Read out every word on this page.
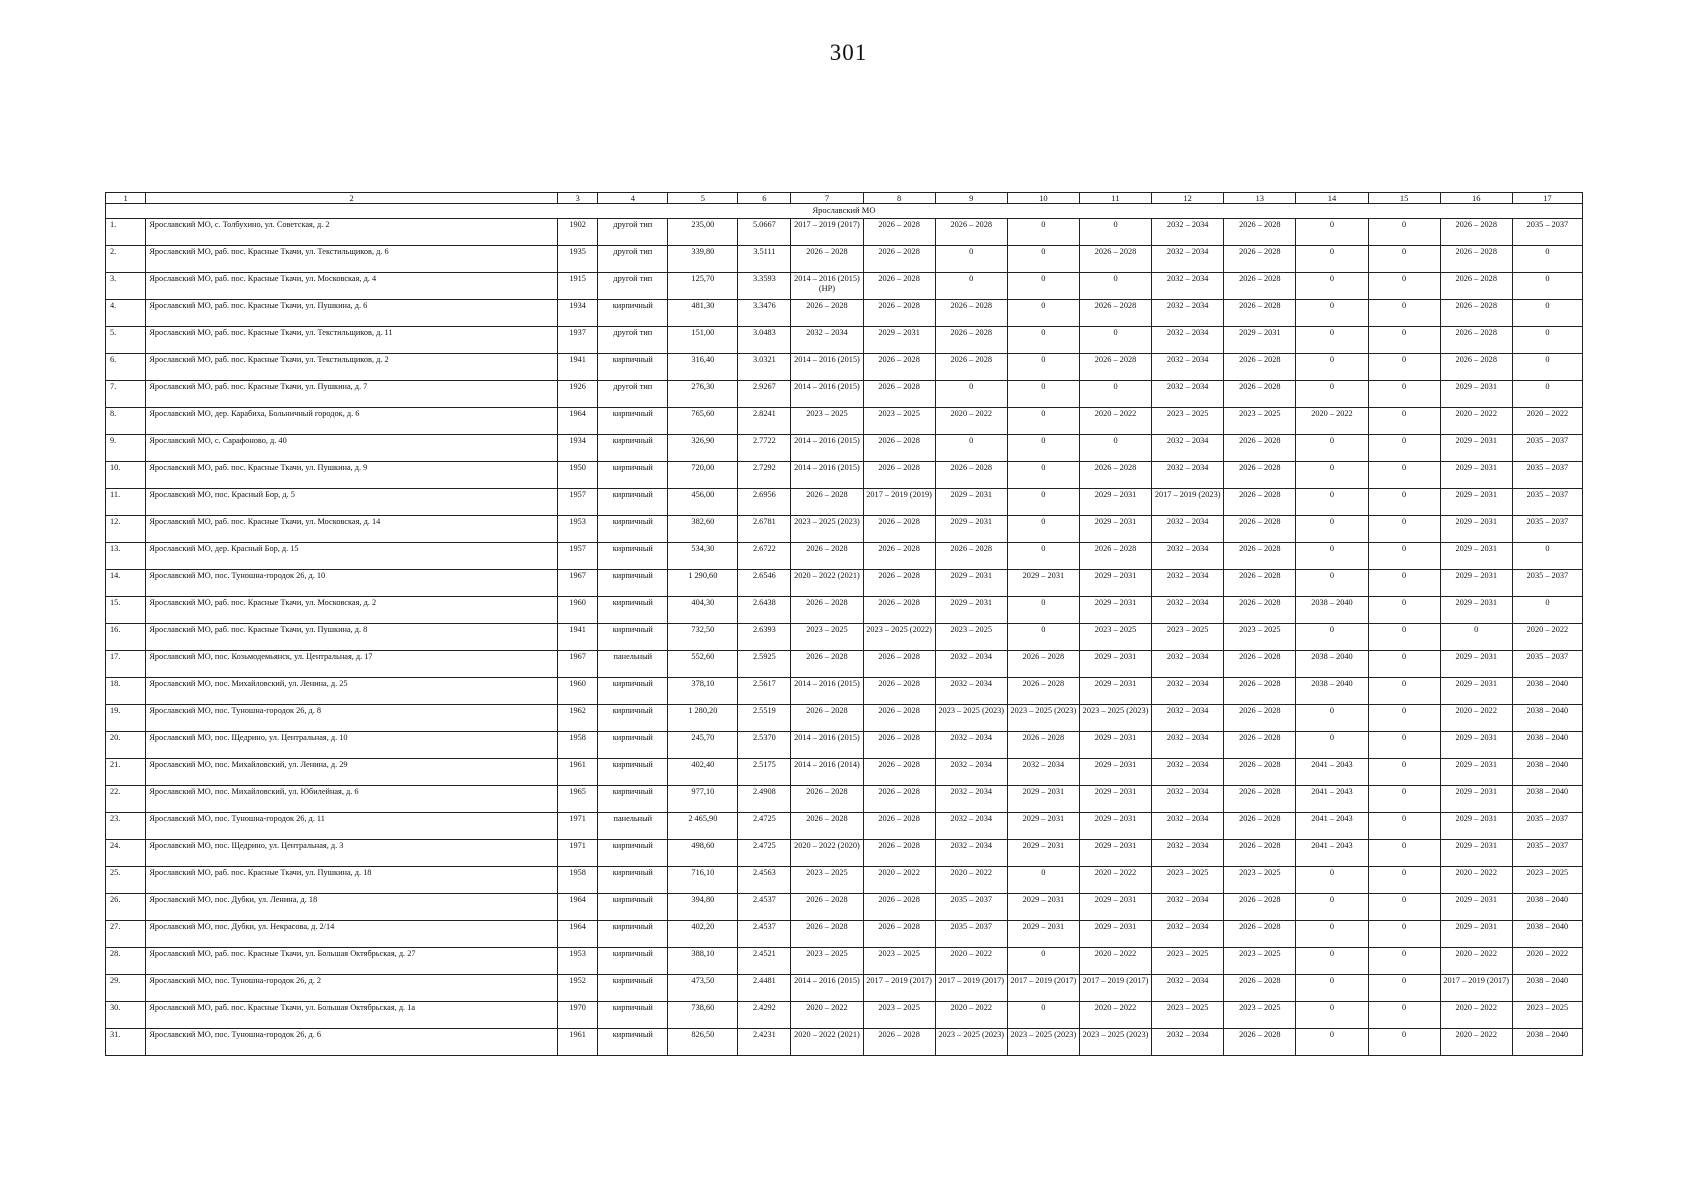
301
1	2	3	4	5	6	7	8	9	10	11	12	13	14	15	16	17
Ярославский МО																
1.	Ярославский МО, с. Толбухино, ул. Советская, д. 2	1902	другой тип	235,00	5.0667	2017 – 2019 (2017)	2026 – 2028	2026 – 2028	0	0	2032 – 2034	2026 – 2028	0	0	2026 – 2028	2035 – 2037
2.	Ярославский МО, раб. пос. Красные Ткачи, ул. Текстильщиков, д. 6	1935	другой тип	339,80	3.5111	2026 – 2028	2026 – 2028	0	0	2026 – 2028	2032 – 2034	2026 – 2028	0	0	2026 – 2028	0
3.	Ярославский МО, раб. пос. Красные Ткачи, ул. Московская, д. 4	1915	другой тип	125,70	3.3593	2014 – 2016 (2015) (НР)	2026 – 2028	0	0	0	2032 – 2034	2026 – 2028	0	0	2026 – 2028	0
4.	Ярославский МО, раб. пос. Красные Ткачи, ул. Пушкина, д. 6	1934	кирпичный	481,30	3.3476	2026 – 2028	2026 – 2028	2026 – 2028	0	2026 – 2028	2032 – 2034	2026 – 2028	0	0	2026 – 2028	0
5.	Ярославский МО, раб. пос. Красные Ткачи, ул. Текстильщиков, д. 11	1937	другой тип	151,00	3.0483	2032 – 2034	2029 – 2031	2026 – 2028	0	0	2032 – 2034	2029 – 2031	0	0	2026 – 2028	0
6.	Ярославский МО, раб. пос. Красные Ткачи, ул. Текстильщиков, д. 2	1941	кирпичный	316,40	3.0321	2014 – 2016 (2015)	2026 – 2028	2026 – 2028	0	2026 – 2028	2032 – 2034	2026 – 2028	0	0	2026 – 2028	0
7.	Ярославский МО, раб. пос. Красные Ткачи, ул. Пушкина, д. 7	1926	другой тип	276,30	2.9267	2014 – 2016 (2015)	2026 – 2028	0	0	0	2032 – 2034	2026 – 2028	0	0	2029 – 2031	0
8.	Ярославский МО, дер. Карабиха, Больничный городок, д. 6	1964	кирпичный	765,60	2.8241	2023 – 2025	2023 – 2025	2020 – 2022	0	2020 – 2022	2023 – 2025	2023 – 2025	2020 – 2022	0	2020 – 2022	2020 – 2022
9.	Ярославский МО, с. Сарафоново, д. 40	1934	кирпичный	326,90	2.7722	2014 – 2016 (2015)	2026 – 2028	0	0	0	2032 – 2034	2026 – 2028	0	0	2029 – 2031	2035 – 2037
10.	Ярославский МО, раб. пос. Красные Ткачи, ул. Пушкина, д. 9	1950	кирпичный	720,00	2.7292	2014 – 2016 (2015)	2026 – 2028	2026 – 2028	0	2026 – 2028	2032 – 2034	2026 – 2028	0	0	2029 – 2031	2035 – 2037
11.	Ярославский МО, пос. Красный Бор, д. 5	1957	кирпичный	456,00	2.6956	2026 – 2028	2017 – 2019 (2019)	2029 – 2031	0	2029 – 2031	2017 – 2019 (2023)	2026 – 2028	0	0	2029 – 2031	2035 – 2037
12.	Ярославский МО, раб. пос. Красные Ткачи, ул. Московская, д. 14	1953	кирпичный	382,60	2.6781	2023 – 2025 (2023)	2026 – 2028	2029 – 2031	0	2029 – 2031	2032 – 2034	2026 – 2028	0	0	2029 – 2031	2035 – 2037
13.	Ярославский МО, дер. Красный Бор, д. 15	1957	кирпичный	534,30	2.6722	2026 – 2028	2026 – 2028	2026 – 2028	0	2026 – 2028	2032 – 2034	2026 – 2028	0	0	2029 – 2031	0
14.	Ярославский МО, пос. Туношна-городок 26, д. 10	1967	кирпичный	1 290,60	2.6546	2020 – 2022 (2021)	2026 – 2028	2029 – 2031	2029 – 2031	2029 – 2031	2032 – 2034	2026 – 2028	0	0	2029 – 2031	2035 – 2037
15.	Ярославский МО, раб. пос. Красные Ткачи, ул. Московская, д. 2	1960	кирпичный	404,30	2.6438	2026 – 2028	2026 – 2028	2029 – 2031	0	2029 – 2031	2032 – 2034	2026 – 2028	2038 – 2040	0	2029 – 2031	0
16.	Ярославский МО, раб. пос. Красные Ткачи, ул. Пушкина, д. 8	1941	кирпичный	732,50	2.6393	2023 – 2025	2023 – 2025 (2022)	2023 – 2025	0	2023 – 2025	2023 – 2025	2023 – 2025	0	0	0	2020 – 2022
17.	Ярославский МО, пос. Козьмодемьянск, ул. Центральная, д. 17	1967	панельный	552,60	2.5925	2026 – 2028	2026 – 2028	2032 – 2034	2026 – 2028	2029 – 2031	2032 – 2034	2026 – 2028	2038 – 2040	0	2029 – 2031	2035 – 2037
18.	Ярославский МО, пос. Михайловский, ул. Ленина, д. 25	1960	кирпичный	378,10	2.5617	2014 – 2016 (2015)	2026 – 2028	2032 – 2034	2026 – 2028	2029 – 2031	2032 – 2034	2026 – 2028	2038 – 2040	0	2029 – 2031	2038 – 2040
19.	Ярославский МО, пос. Туношна-городок 26, д. 8	1962	кирпичный	1 280,20	2.5519	2026 – 2028	2026 – 2028	2023 – 2025 (2023)	2023 – 2025 (2023)	2023 – 2025 (2023)	2032 – 2034	2026 – 2028	0	0	2020 – 2022	2038 – 2040
20.	Ярославский МО, пос. Щедрино, ул. Центральная, д. 10	1958	кирпичный	245,70	2.5370	2014 – 2016 (2015)	2026 – 2028	2032 – 2034	2026 – 2028	2029 – 2031	2032 – 2034	2026 – 2028	0	0	2029 – 2031	2038 – 2040
21.	Ярославский МО, пос. Михайловский, ул. Ленина, д. 29	1961	кирпичный	402,40	2.5175	2014 – 2016 (2014)	2026 – 2028	2032 – 2034	2032 – 2034	2029 – 2031	2032 – 2034	2026 – 2028	2041 – 2043	0	2029 – 2031	2038 – 2040
22.	Ярославский МО, пос. Михайловский, ул. Юбилейная, д. 6	1965	кирпичный	977,10	2.4908	2026 – 2028	2026 – 2028	2032 – 2034	2029 – 2031	2029 – 2031	2032 – 2034	2026 – 2028	2041 – 2043	0	2029 – 2031	2038 – 2040
23.	Ярославский МО, пос. Туношна-городок 26, д. 11	1971	панельный	2 465,90	2.4725	2026 – 2028	2026 – 2028	2032 – 2034	2029 – 2031	2029 – 2031	2032 – 2034	2026 – 2028	2041 – 2043	0	2029 – 2031	2035 – 2037
24.	Ярославский МО, пос. Щедрино, ул. Центральная, д. 3	1971	кирпичный	498,60	2.4725	2020 – 2022 (2020)	2026 – 2028	2032 – 2034	2029 – 2031	2029 – 2031	2032 – 2034	2026 – 2028	2041 – 2043	0	2029 – 2031	2035 – 2037
25.	Ярославский МО, раб. пос. Красные Ткачи, ул. Пушкина, д. 18	1958	кирпичный	716,10	2.4563	2023 – 2025	2020 – 2022	2020 – 2022	0	2020 – 2022	2023 – 2025	2023 – 2025	0	0	2020 – 2022	2023 – 2025
26.	Ярославский МО, пос. Дубки, ул. Ленина, д. 18	1964	кирпичный	394,80	2.4537	2026 – 2028	2026 – 2028	2035 – 2037	2029 – 2031	2029 – 2031	2032 – 2034	2026 – 2028	0	0	2029 – 2031	2038 – 2040
27.	Ярославский МО, пос. Дубки, ул. Некрасова, д. 2/14	1964	кирпичный	402,20	2.4537	2026 – 2028	2026 – 2028	2035 – 2037	2029 – 2031	2029 – 2031	2032 – 2034	2026 – 2028	0	0	2029 – 2031	2038 – 2040
28.	Ярославский МО, раб. пос. Красные Ткачи, ул. Большая Октябрьская, д. 27	1953	кирпичный	388,10	2.4521	2023 – 2025	2023 – 2025	2020 – 2022	0	2020 – 2022	2023 – 2025	2023 – 2025	0	0	2020 – 2022	2020 – 2022
29.	Ярославский МО, пос. Туношна-городок 26, д. 2	1952	кирпичный	473,50	2.4481	2014 – 2016 (2015)	2017 – 2019 (2017)	2017 – 2019 (2017)	2017 – 2019 (2017)	2017 – 2019 (2017)	2032 – 2034	2026 – 2028	0	0	2017 – 2019 (2017)	2038 – 2040
30.	Ярославский МО, раб. пос. Красные Ткачи, ул. Большая Октябрьская, д. 1а	1970	кирпичный	738,60	2.4292	2020 – 2022	2023 – 2025	2020 – 2022	0	2020 – 2022	2023 – 2025	2023 – 2025	0	0	2020 – 2022	2023 – 2025
31.	Ярославский МО, пос. Туношна-городок 26, д. 6	1961	кирпичный	826,50	2.4231	2020 – 2022 (2021)	2026 – 2028	2023 – 2025 (2023)	2023 – 2025 (2023)	2023 – 2025 (2023)	2032 – 2034	2026 – 2028	0	0	2020 – 2022	2038 – 2040
